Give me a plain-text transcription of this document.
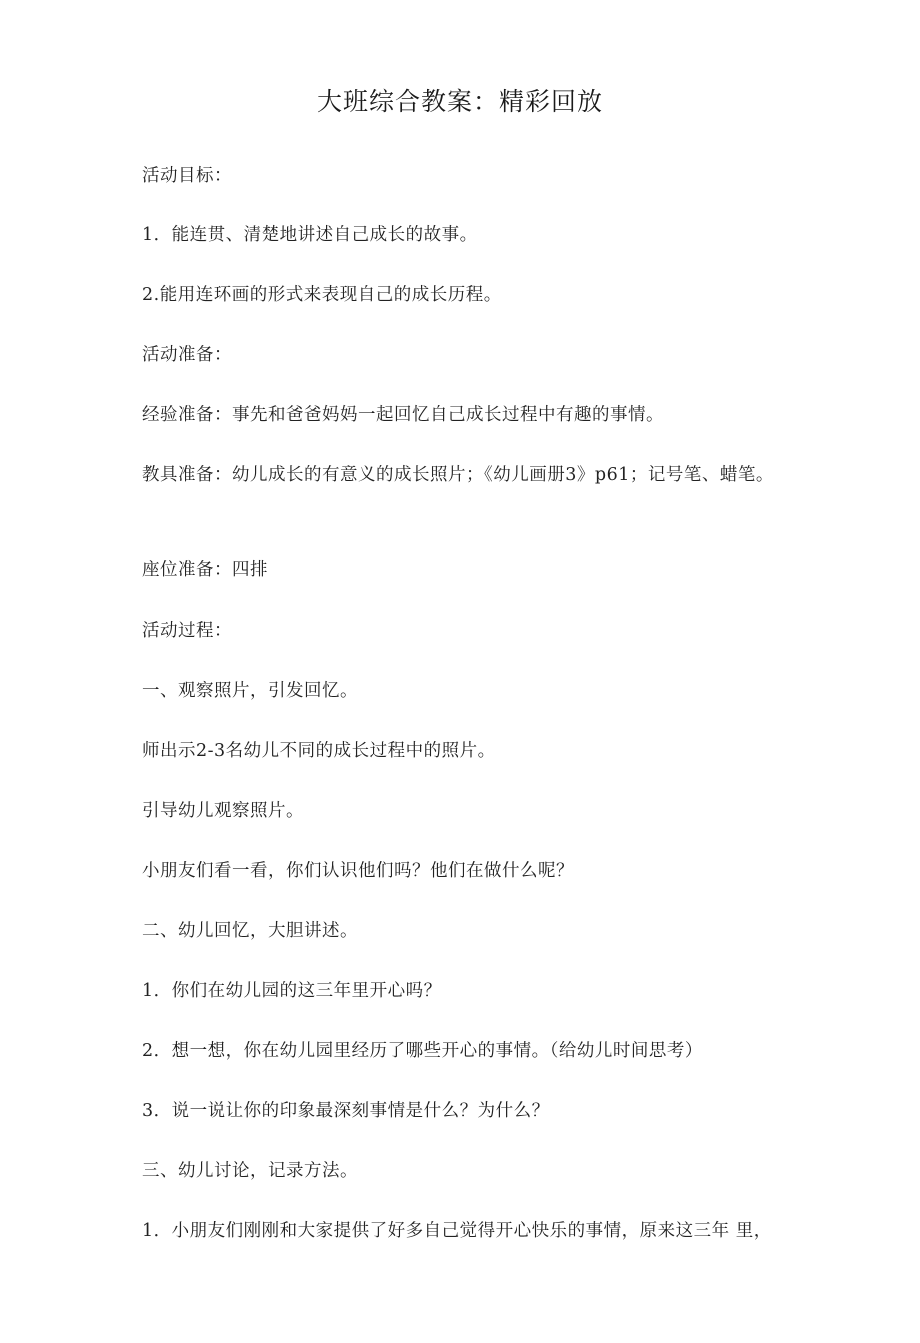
大班综合教案：精彩回放
活动目标：
1．能连贯、清楚地讲述自己成长的故事。
2.能用连环画的形式来表现自己的成长历程。
活动准备：
经验准备：事先和爸爸妈妈一起回忆自己成长过程中有趣的事情。
教具准备：幼儿成长的有意义的成长照片；《幼儿画册3》p61；记号笔、蜡笔。
座位准备：四排
活动过程：
一、观察照片，引发回忆。
师出示2-3名幼儿不同的成长过程中的照片。
引导幼儿观察照片。
小朋友们看一看，你们认识他们吗？他们在做什么呢？
二、幼儿回忆，大胆讲述。
1．你们在幼儿园的这三年里开心吗？
2．想一想，你在幼儿园里经历了哪些开心的事情。（给幼儿时间思考）
3．说一说让你的印象最深刻事情是什么？为什么？
三、幼儿讨论，记录方法。
1．小朋友们刚刚和大家提供了好多自己觉得开心快乐的事情，原来这三年 里，
